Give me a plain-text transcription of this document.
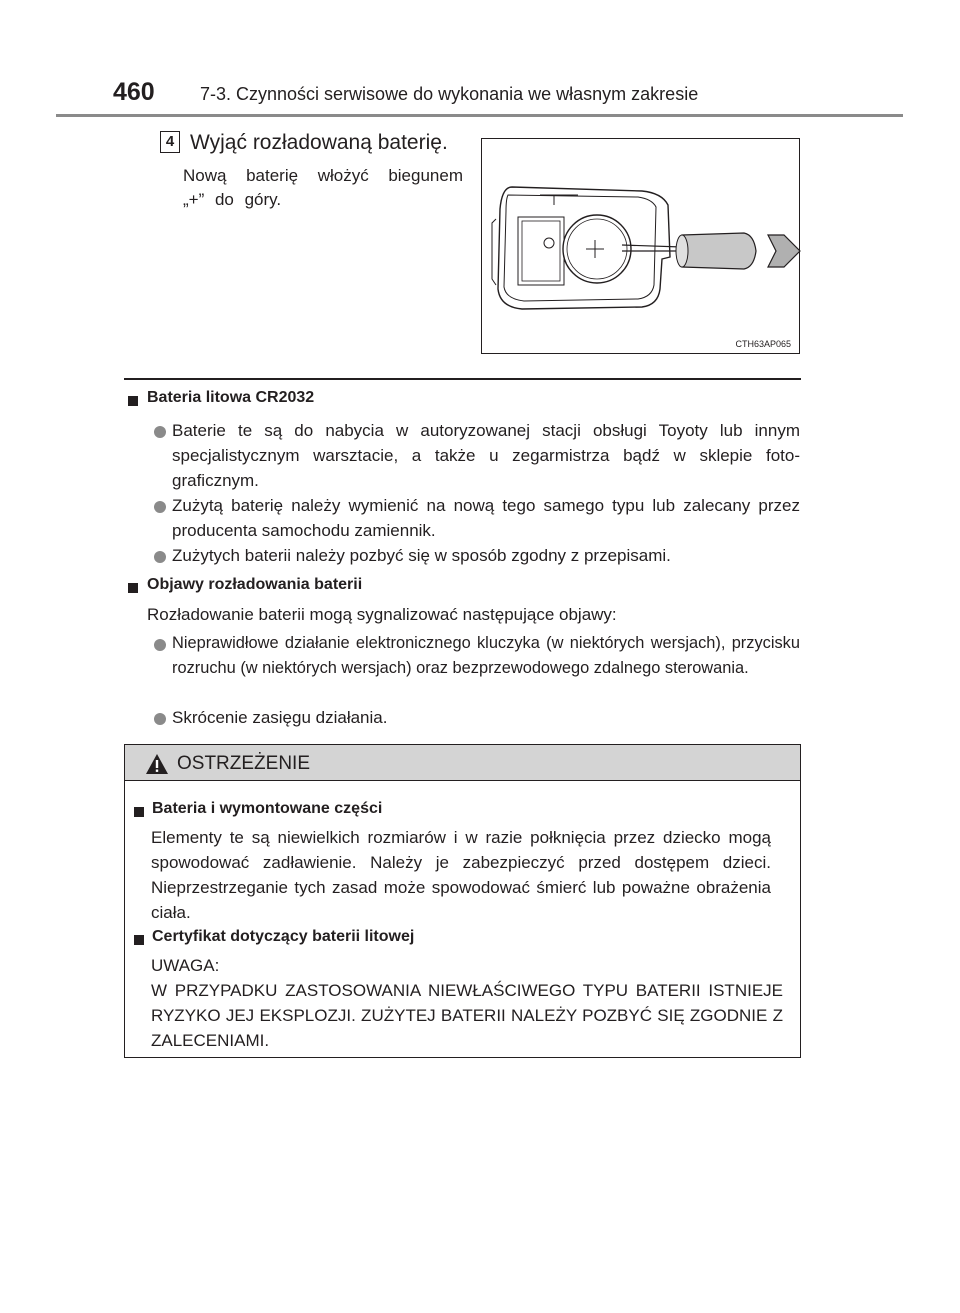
460	7-3. Czynności serwisowe do wykonania we własnym zakresie
4 Wyjąć rozładowaną baterię.
Nową baterię włożyć biegunem „+” do góry.
CTH63AP065
Bateria litowa CR2032
Baterie te są do nabycia w autoryzowanej stacji obsługi Toyoty lub innym specjalistycznym warsztacie, a także u zegarmistrza bądź w sklepie foto-graficznym.
Zużytą baterię należy wymienić na nową tego samego typu lub zalecany przez producenta samochodu zamiennik.
Zużytych baterii należy pozbyć się w sposób zgodny z przepisami.
Objawy rozładowania baterii
Rozładowanie baterii mogą sygnalizować następujące objawy:
Nieprawidłowe działanie elektronicznego kluczyka (w niektórych wersjach), przycisku rozruchu (w niektórych wersjach) oraz bezprzewodowego zdalnego sterowania.
Skrócenie zasięgu działania.
OSTRZEŻENIE
Bateria i wymontowane części
Elementy te są niewielkich rozmiarów i w razie połknięcia przez dziecko mogą spowodować zadławienie. Należy je zabezpieczyć przed dostępem dzieci. Nieprzestrzeganie tych zasad może spowodować śmierć lub poważne obrażenia ciała.
Certyfikat dotyczący baterii litowej
UWAGA:
W PRZYPADKU ZASTOSOWANIA NIEWŁAŚCIWEGO TYPU BATERII ISTNIEJE RYZYKO JEJ EKSPLOZJI. ZUŻYTEJ BATERII NALEŻY POZBYĆ SIĘ ZGODNIE Z ZALECENIAMI.
